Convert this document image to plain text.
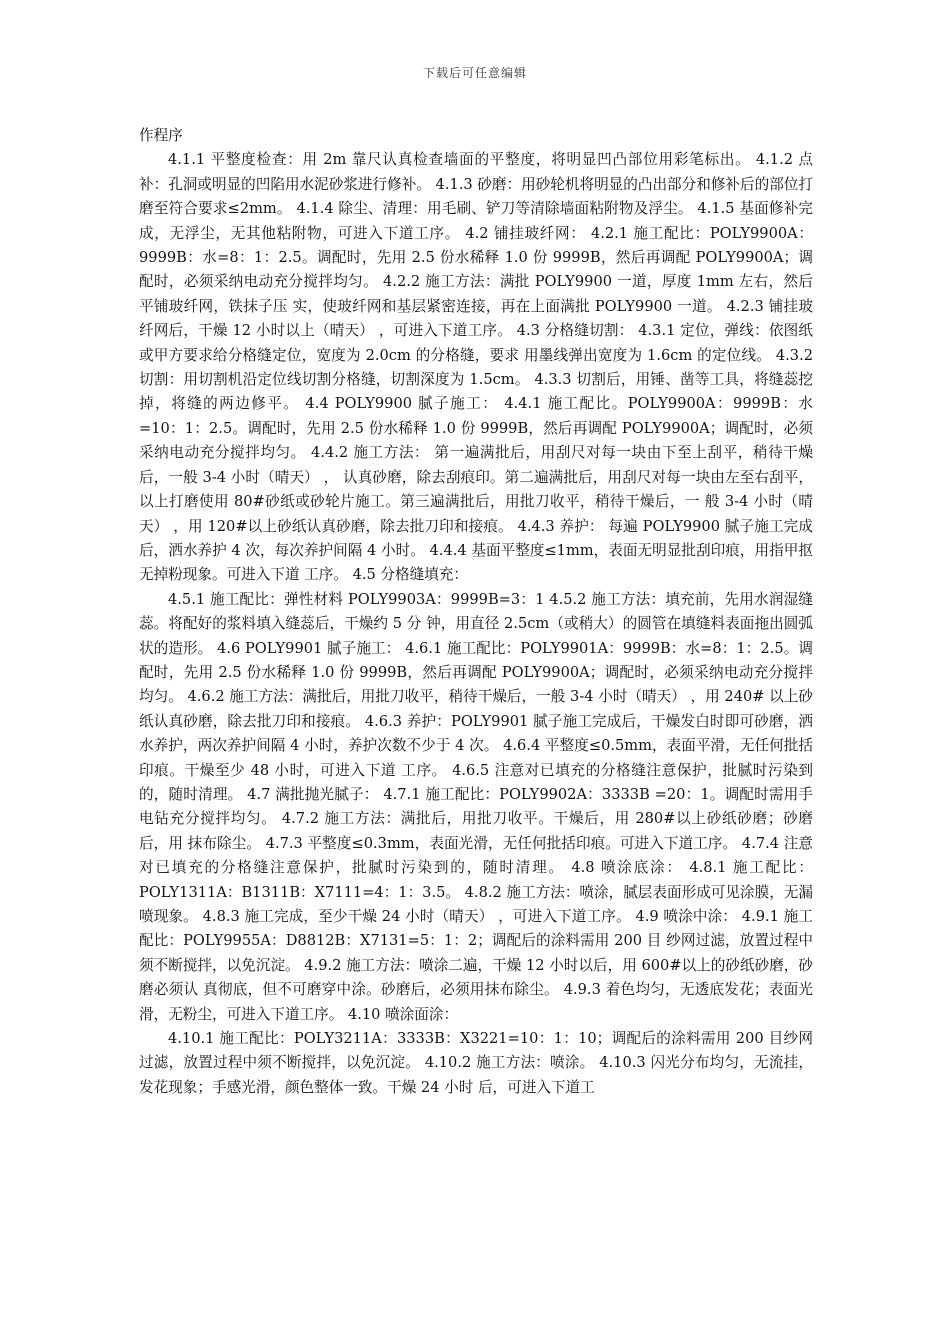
下载后可任意编辑

作程序

4.1.1 平整度检查：用 2m 靠尺认真检查墙面的平整度，将明显凹凸部位用彩笔标出。 4.1.2 点补：孔洞或明显的凹陷用水泥砂浆进行修补。 4.1.3 砂磨：用砂轮机将明显的凸出部分和修补后的部位打磨至符合要求≤2mm。 4.1.4 除尘、清理：用毛刷、铲刀等清除墙面粘附物及浮尘。 4.1.5 基面修补完成，无浮尘，无其他粘附物，可进入下道工序。 4.2 铺挂玻纤网： 4.2.1 施工配比：POLY9900A：9999B：水=8：1：2.5。调配时，先用 2.5 份水稀释 1.0 份 9999B，然后再调配 POLY9900A；调配时，必须采纳电动充分搅拌均匀。 4.2.2 施工方法：满批 POLY9900 一道，厚度 1mm 左右，然后平铺玻纤网，铁抹子压 实，使玻纤网和基层紧密连接，再在上面满批 POLY9900 一道。 4.2.3 铺挂玻纤网后，干燥 12 小时以上（晴天） ，可进入下道工序。 4.3 分格缝切割： 4.3.1 定位，弹线：依图纸或甲方要求给分格缝定位，宽度为 2.0cm 的分格缝，要求 用墨线弹出宽度为 1.6cm 的定位线。 4.3.2 切割：用切割机沿定位线切割分格缝，切割深度为 1.5cm。 4.3.3 切割后，用锤、凿等工具，将缝蕊挖掉，将缝的两边修平。 4.4 POLY9900 腻子施工： 4.4.1 施工配比。POLY9900A：9999B：水=10：1：2.5。调配时，先用 2.5 份水稀释 1.0 份 9999B，然后再调配 POLY9900A；调配时，必须采纳电动充分搅拌均匀。 4.4.2 施工方法： 第一遍满批后，用刮尺对每一块由下至上刮平，稍待干燥后，一般 3-4 小时（晴天） ， 认真砂磨，除去刮痕印。第二遍满批后，用刮尺对每一块由左至右刮平， 以上打磨使用 80#砂纸或砂轮片施工。第三遍满批后，用批刀收平，稍待干燥后，一 般 3-4 小时（晴天） ，用 120#以上砂纸认真砂磨，除去批刀印和接痕。 4.4.3 养护： 每遍 POLY9900 腻子施工完成后，洒水养护 4 次，每次养护间隔 4 小时。 4.4.4 基面平整度≤1mm，表面无明显批刮印痕，用指甲抠无掉粉现象。可进入下道 工序。 4.5 分格缝填充：

4.5.1 施工配比：弹性材料 POLY9903A：9999B=3：1 4.5.2 施工方法：填充前，先用水润湿缝蕊。将配好的浆料填入缝蕊后，干燥约 5 分 钟，用直径 2.5cm（或稍大）的圆管在填缝料表面拖出圆弧状的造形。 4.6 POLY9901 腻子施工： 4.6.1 施工配比：POLY9901A：9999B：水=8：1：2.5。调配时，先用 2.5 份水稀释 1.0 份 9999B，然后再调配 POLY9900A；调配时，必须采纳电动充分搅拌均匀。 4.6.2 施工方法：满批后，用批刀收平，稍待干燥后，一般 3-4 小时（晴天） ，用 240# 以上砂纸认真砂磨，除去批刀印和接痕。 4.6.3 养护：POLY9901 腻子施工完成后，干燥发白时即可砂磨，洒水养护，两次养护间隔 4 小时，养护次数不少于 4 次。 4.6.4 平整度≤0.5mm，表面平滑，无任何批括印痕。干燥至少 48 小时，可进入下道 工序。 4.6.5 注意对已填充的分格缝注意保护，批腻时污染到的，随时清理。 4.7 满批抛光腻子： 4.7.1 施工配比：POLY9902A：3333B =20：1。调配时需用手电钻充分搅拌均匀。 4.7.2 施工方法：满批后，用批刀收平。干燥后，用 280#以上砂纸砂磨；砂磨后，用 抹布除尘。 4.7.3 平整度≤0.3mm，表面光滑，无任何批括印痕。可进入下道工序。 4.7.4 注意对已填充的分格缝注意保护，批腻时污染到的，随时清理。 4.8 喷涂底涂： 4.8.1 施工配比：POLY1311A：B1311B：X7111=4：1：3.5。 4.8.2 施工方法：喷涂，腻层表面形成可见涂膜，无漏喷现象。 4.8.3 施工完成，至少干燥 24 小时（晴天） ，可进入下道工序。 4.9 喷涂中涂： 4.9.1 施工配比：POLY9955A：D8812B：X7131=5：1：2；调配后的涂料需用 200 目 纱网过滤，放置过程中须不断搅拌，以免沉淀。 4.9.2 施工方法：喷涂二遍，干燥 12 小时以后，用 600#以上的砂纸砂磨，砂磨必须认 真彻底，但不可磨穿中涂。砂磨后，必须用抹布除尘。 4.9.3 着色均匀，无透底发花；表面光滑，无粉尘，可进入下道工序。 4.10 喷涂面涂：

4.10.1 施工配比：POLY3211A：3333B：X3221=10：1：10；调配后的涂料需用 200 目纱网过滤，放置过程中须不断搅拌，以免沉淀。 4.10.2 施工方法：喷涂。 4.10.3 闪光分布均匀，无流挂，发花现象；手感光滑，颜色整体一致。干燥 24 小时 后，可进入下道工
